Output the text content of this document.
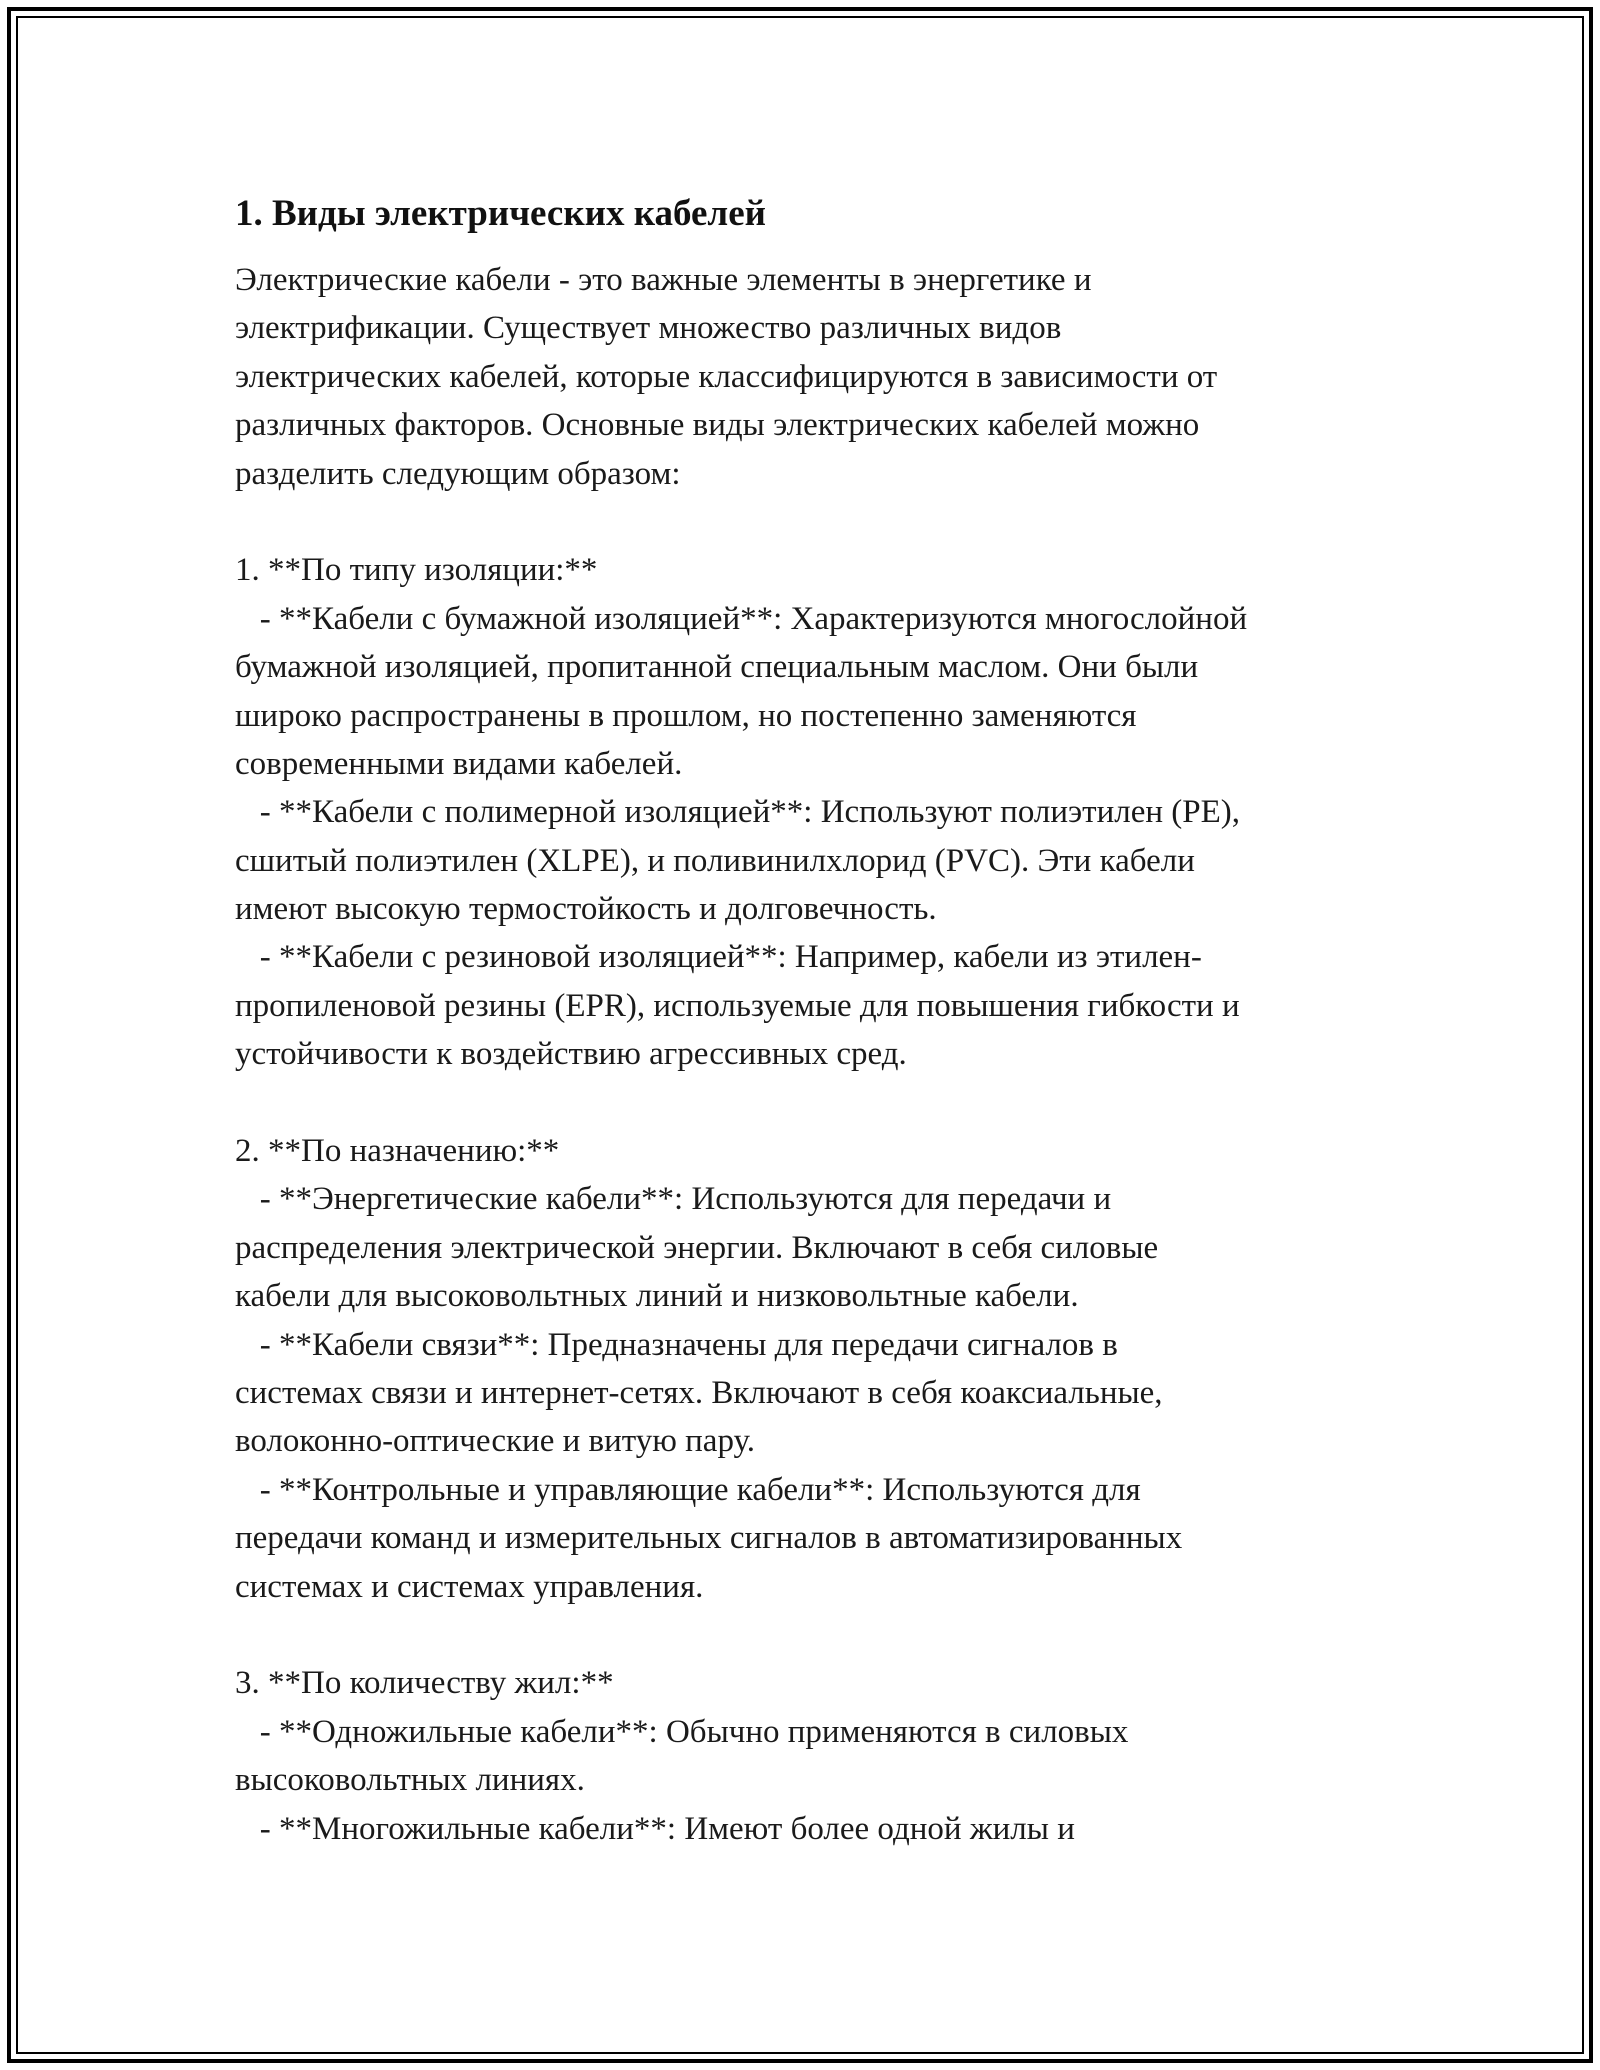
1. Виды электрических кабелей
Электрические кабели - это важные элементы в энергетике и
электрификации. Существует множество различных видов
электрических кабелей, которые классифицируются в зависимости от
различных факторов. Основные виды электрических кабелей можно
разделить следующим образом:
1. **По типу изоляции:**
- **Кабели с бумажной изоляцией**: Характеризуются многослойной
бумажной изоляцией, пропитанной специальным маслом. Они были
широко распространены в прошлом, но постепенно заменяются
современными видами кабелей.
- **Кабели с полимерной изоляцией**: Используют полиэтилен (PE),
сшитый полиэтилен (XLPE), и поливинилхлорид (PVC). Эти кабели
имеют высокую термостойкость и долговечность.
- **Кабели с резиновой изоляцией**: Например, кабели из этилен-
пропиленовой резины (EPR), используемые для повышения гибкости и
устойчивости к воздействию агрессивных сред.
2. **По назначению:**
- **Энергетические кабели**: Используются для передачи и
распределения электрической энергии. Включают в себя силовые
кабели для высоковольтных линий и низковольтные кабели.
- **Кабели связи**: Предназначены для передачи сигналов в
системах связи и интернет-сетях. Включают в себя коаксиальные,
волоконно-оптические и витую пару.
- **Контрольные и управляющие кабели**: Используются для
передачи команд и измерительных сигналов в автоматизированных
системах и системах управления.
3. **По количеству жил:**
- **Одножильные кабели**: Обычно применяются в силовых
высоковольтных линиях.
- **Многожильные кабели**: Имеют более одной жилы и
